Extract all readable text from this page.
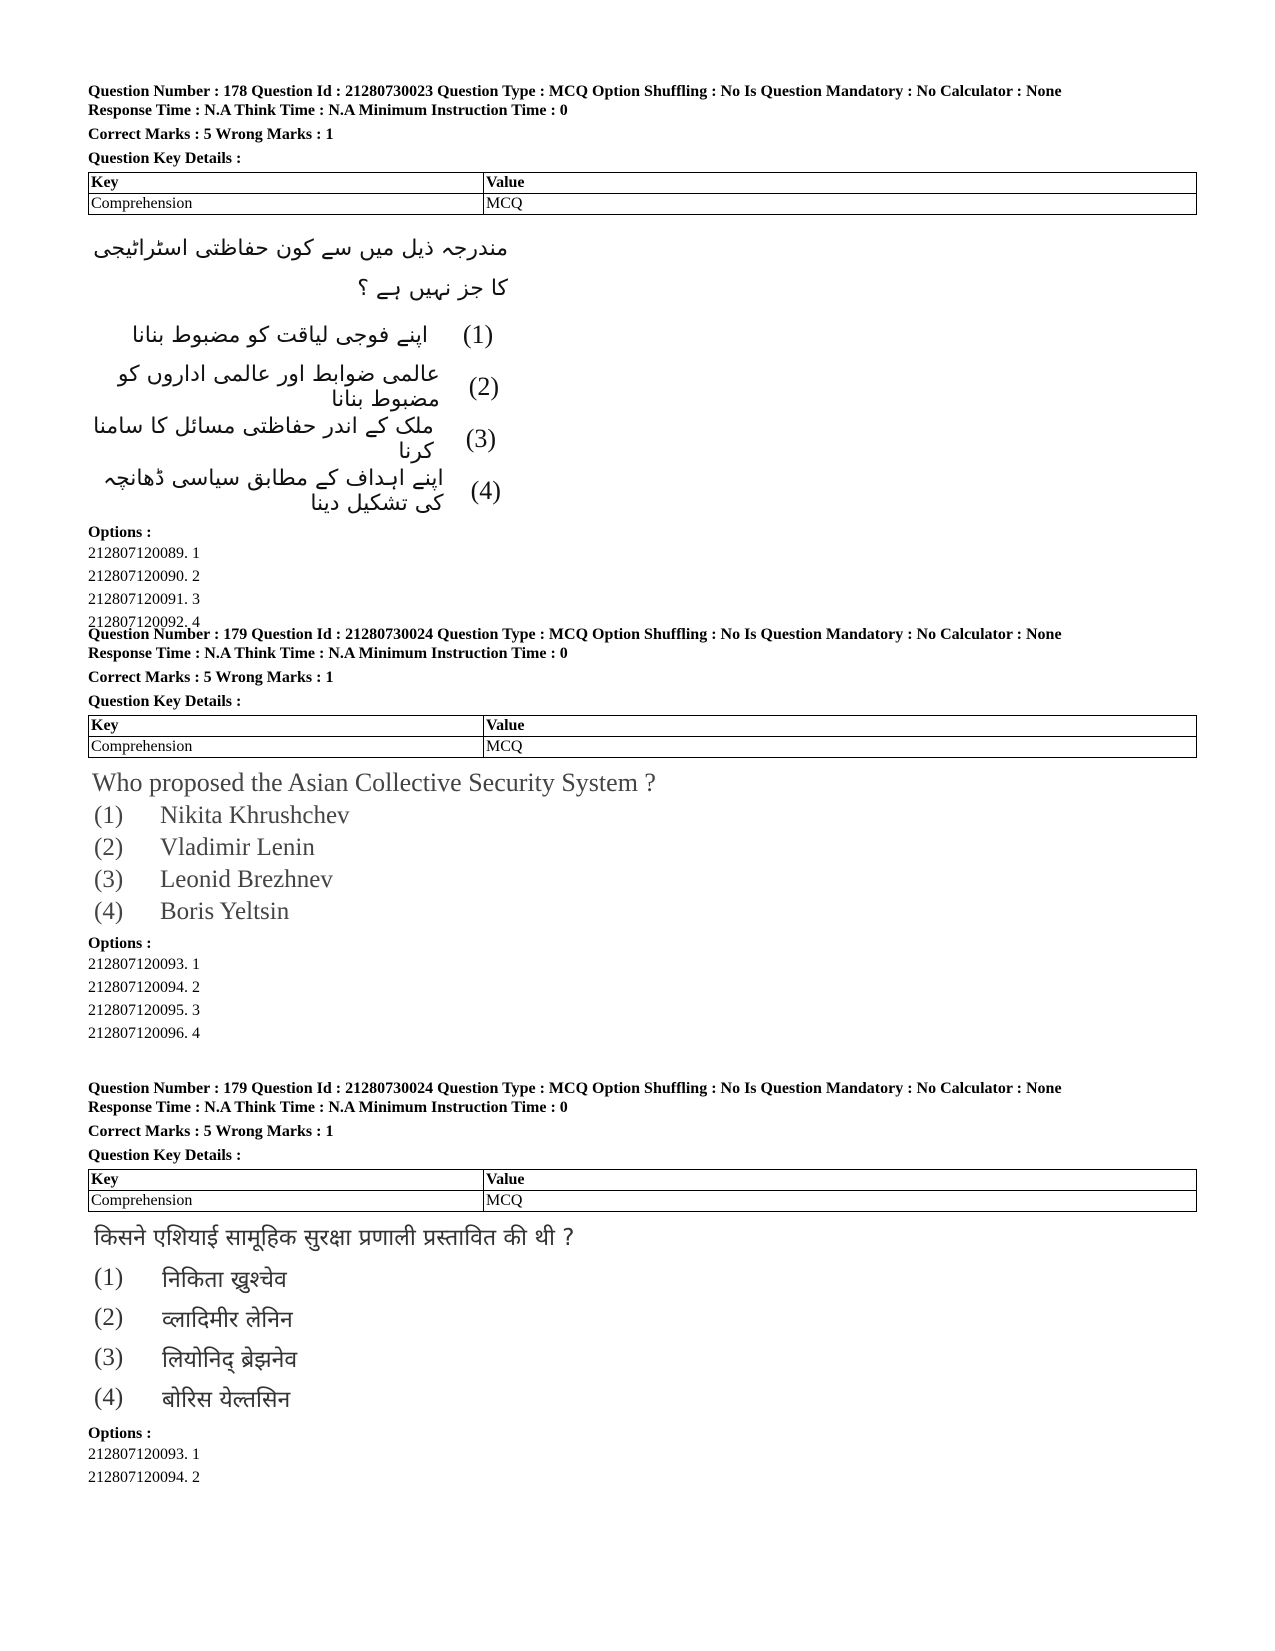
Question Number : 178 Question Id : 21280730023 Question Type : MCQ Option Shuffling : No Is Question Mandatory : No Calculator : None
Response Time : N.A Think Time : N.A Minimum Instruction Time : 0
Correct Marks : 5 Wrong Marks : 1
Question Key Details :
Key	Value
Comprehension	MCQ
مندرجہ ذیل میں سے کون حفاظتی اسٹراٹیجی کا جز نہیں ہے ؟
(1)
اپنے فوجی لیاقت کو مضبوط بنانا
(2)
عالمی ضوابط اور عالمی اداروں کو مضبوط بنانا
(3)
ملک کے اندر حفاظتی مسائل کا سامنا کرنا
(4)
اپنے اہداف کے مطابق سیاسی ڈھانچہ کی تشکیل دینا
Options :
212807120089. 1
212807120090. 2
212807120091. 3
212807120092. 4
Question Number : 179 Question Id : 21280730024 Question Type : MCQ Option Shuffling : No Is Question Mandatory : No Calculator : None
Response Time : N.A Think Time : N.A Minimum Instruction Time : 0
Correct Marks : 5 Wrong Marks : 1
Question Key Details :
Key	Value
Comprehension	MCQ
Who proposed the Asian Collective Security System ?
(1)	Nikita Khrushchev
(2)	Vladimir Lenin
(3)	Leonid Brezhnev
(4)	Boris Yeltsin
Options :
212807120093. 1
212807120094. 2
212807120095. 3
212807120096. 4
Question Number : 179 Question Id : 21280730024 Question Type : MCQ Option Shuffling : No Is Question Mandatory : No Calculator : None
Response Time : N.A Think Time : N.A Minimum Instruction Time : 0
Correct Marks : 5 Wrong Marks : 1
Question Key Details :
Key	Value
Comprehension	MCQ
किसने एशियाई सामूहिक सुरक्षा प्रणाली प्रस्तावित की थी ?
(1)	निकिता ख्रुश्चेव
(2)	व्लादिमीर लेनिन
(3)	लियोनिद् ब्रेझनेव
(4)	बोरिस येल्तसिन
Options :
212807120093. 1
212807120094. 2
